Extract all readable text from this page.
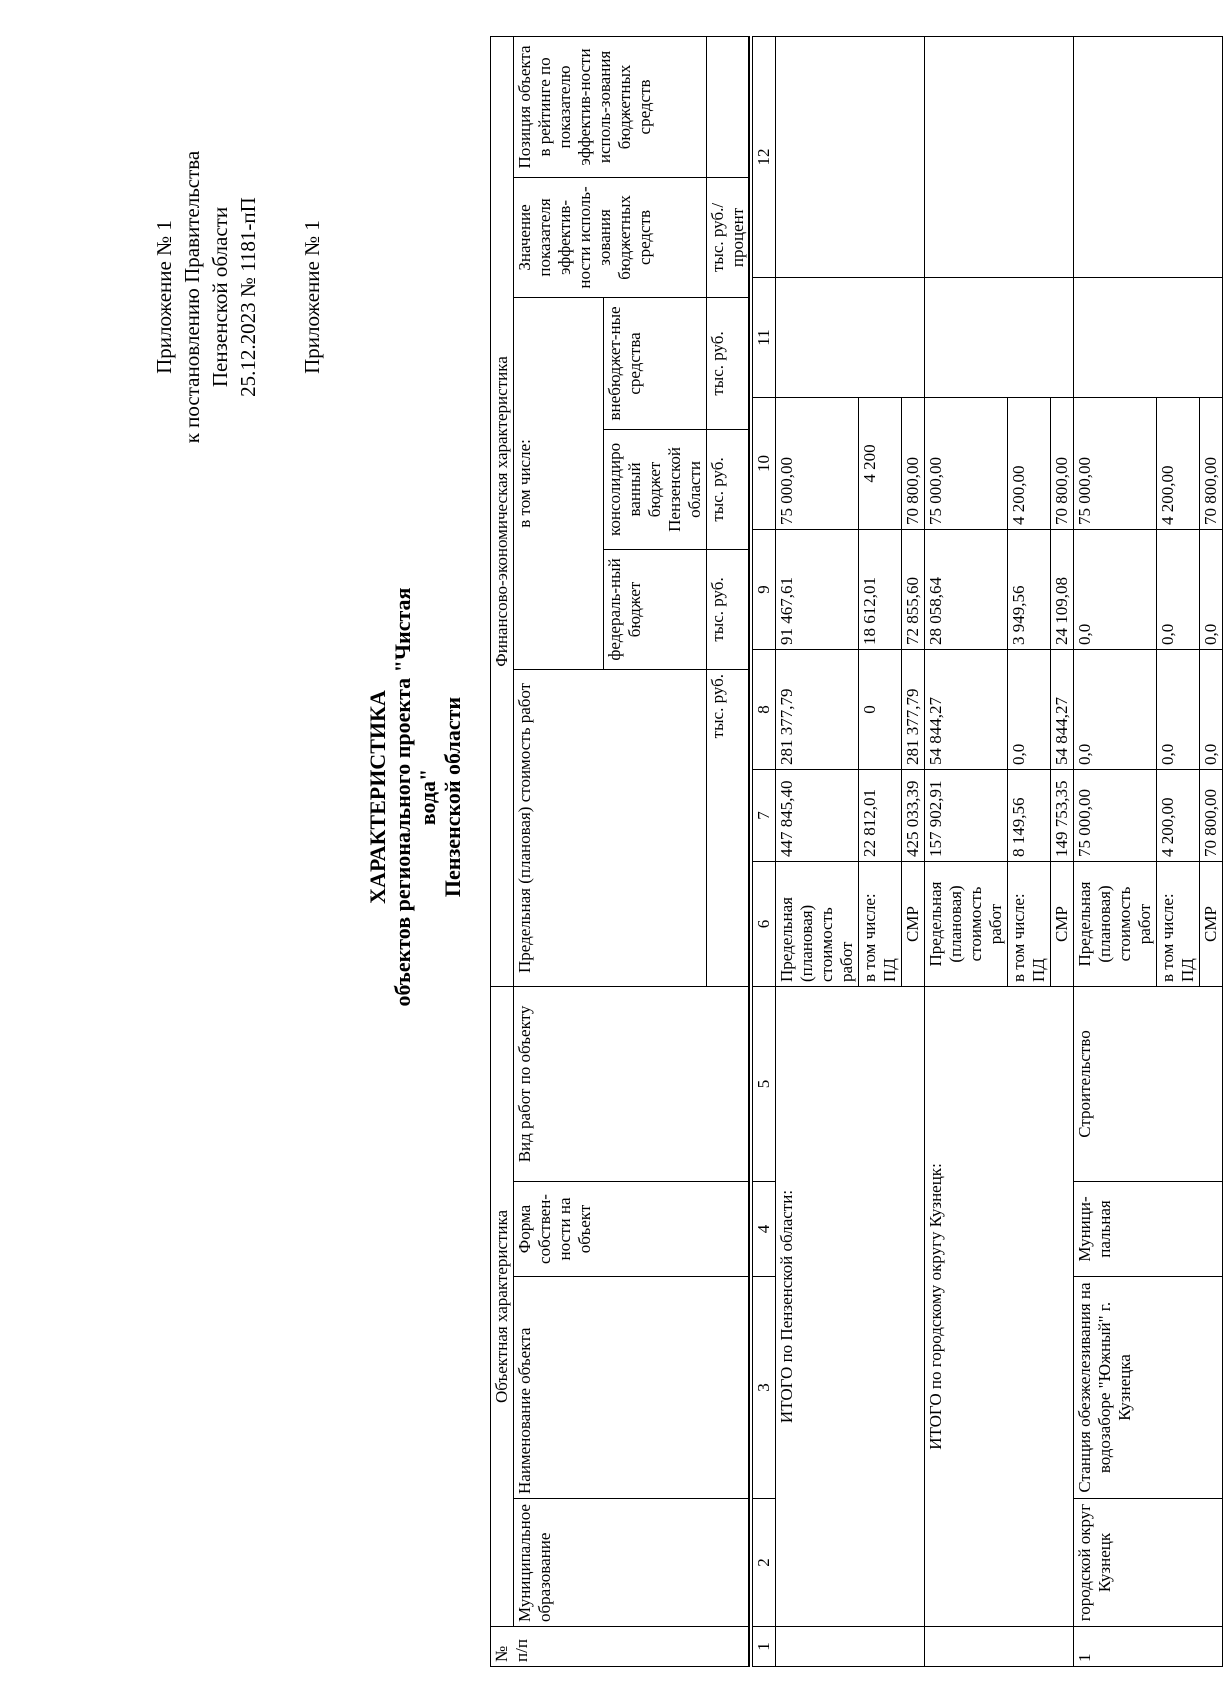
Приложение № 1 к постановлению Правительства Пензенской области 25.12.2023 № 1181-пП Приложение № 1
ХАРАКТЕРИСТИКА объектов регионального проекта "Чистая вода" Пензенской области
№ п/п	Объектная характеристика				Финансово-экономическая характеристика					
	Муниципальное образование	Наименование объекта	Форма собствен-ности на объект	Вид работ по объекту	Предельная (плановая) стоимость работ	в том числе:			Значение показателя эффектив-ности исполь-зования бюджетных средств	Позиция объекта в рейтинге по показателю эффектив-ности исполь-зования бюджетных средств
						федераль-ный бюджет	консолидиро ванный бюджет Пензенской области	внебюджет-ные средства		
					тыс. руб.	тыс. руб.	тыс. руб.	тыс. руб.	тыс. руб./ процент	
1	2	3	4	5	6	7	8	9	10	11	12
	ИТОГО по Пензенской области:				Предельная (плановая) стоимость работ	447 845,40	281 377,79	91 467,61	75 000,00		
					в том числе: ПД	22 812,01	0	18 612,01	4 200		
					СМР	425 033,39	281 377,79	72 855,60	70 800,00		
	ИТОГО по городскому округу Кузнецк:				Предельная (плановая) стоимость работ	157 902,91	54 844,27	28 058,64	75 000,00		
					в том числе: ПД	8 149,56	0,0	3 949,56	4 200,00		
					СМР	149 753,35	54 844,27	24 109,08	70 800,00		
1	городской округ Кузнецк	Станция обезжелезивания на водозаборе "Южный" г. Кузнецка	Муници-пальная	Строительство	Предельная (плановая) стоимость работ	75 000,00	0,0	0,0	75 000,00		
					в том числе: ПД	4 200,00	0,0	0,0	4 200,00		
					СМР	70 800,00	0,0	0,0	70 800,00		
